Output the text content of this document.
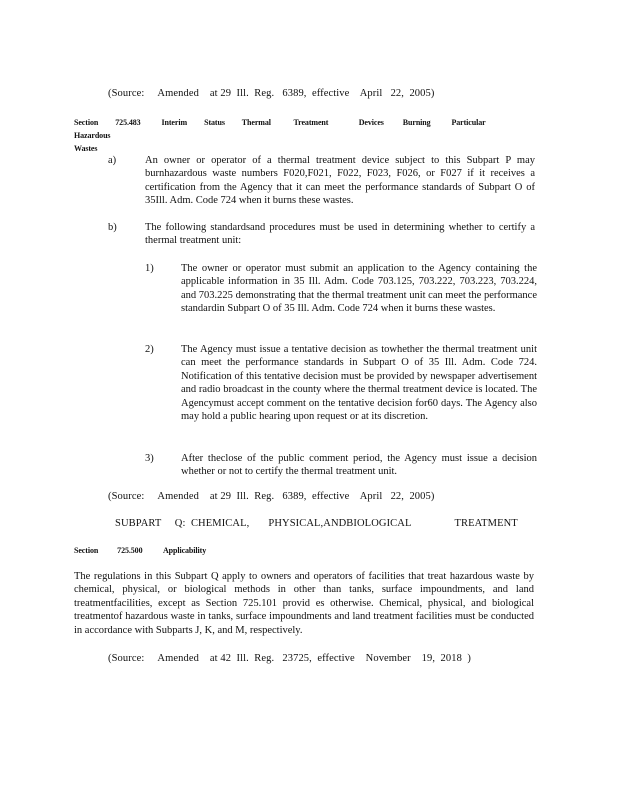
(Source:     Amended    at 29  Ill.  Reg.   6389,  effective    April   22,  2005)
Section         725.483           Interim         Status         Thermal            Treatment                Devices          Burning           Particular                Hazardous
Wastes
a)	An owner or operator of a thermal treatment device subject to this Subpart P may burnhazardous waste numbers F020,F021, F022, F023, F026, or F027 if it receives a certification from the Agency that it can meet the performance standards of Subpart O of 35Ill. Adm. Code 724 when it burns these wastes.
b)	The following standardsand procedures must be used in determining whether to certify a thermal treatment unit:
1)	The owner or operator must submit an application to the Agency containing the applicable information in 35 Ill. Adm. Code 703.125, 703.222, 703.223, 703.224, and 703.225 demonstrating that the thermal treatment unit can meet the performance standardin Subpart O of 35 Ill. Adm. Code 724 when it burns these wastes.
2)	The Agency must issue a tentative decision as towhether the thermal treatment unit can meet the performance standards in Subpart O of 35 Ill. Adm. Code 724. Notification of this tentative decision must be provided by newspaper advertisement and radio broadcast in the county where the thermal treatment device is located. The Agencymust accept comment on the tentative decision for60 days. The Agency also may hold a public hearing upon request or at its discretion.
3)	After theclose of the public comment period, the Agency must issue a decision whether or not to certify the thermal treatment unit.
(Source:     Amended    at 29  Ill.  Reg.   6389,  effective    April   22,  2005)
SUBPART     Q:  CHEMICAL,       PHYSICAL,ANDBIOLOGICAL                TREATMENT
Section          725.500           Applicability
The regulations in this Subpart Q apply to owners and operators of facilities that treat hazardous waste by chemical, physical, or biological methods in other than tanks, surface impoundments, and land treatmentfacilities, except as Section 725.101 provid es otherwise. Chemical, physical, and biological treatmentof hazardous waste in tanks, surface impoundments and land treatment facilities must be conducted in accordance with Subparts J, K, and M, respectively.
(Source:     Amended    at 42  Ill.  Reg.   23725,  effective    November    19,  2018  )
